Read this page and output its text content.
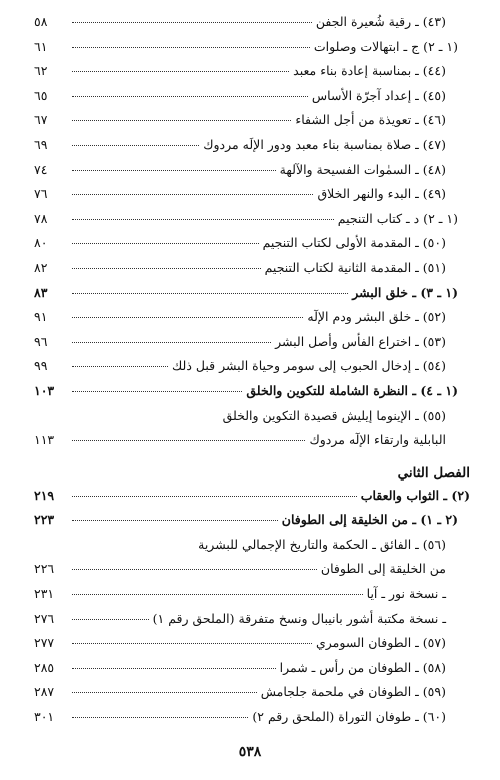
(٤٣) ـ رقية شُعيرة الجفن
٥٨
(١ ـ ٢) ج ـ ابتهالات وصلوات
٦١
(٤٤) ـ بمناسبة إعادة بناء معبد
٦٢
(٤٥) ـ إعداد آجرّة الأساس
٦٥
(٤٦) ـ تعويذة من أجل الشفاء
٦٧
(٤٧) ـ صلاة بمناسبة بناء معبد ودور الإلَه مردوك
٦٩
(٤٨) ـ السمٰوات الفسيحة والآلهة
٧٤
(٤٩) ـ البدء والنهر الخلاق
٧٦
(١ ـ ٢) د ـ كتاب التنجيم
٧٨
(٥٠) ـ المقدمة الأولى لكتاب التنجيم
٨٠
(٥١) ـ المقدمة الثانية لكتاب التنجيم
٨٢
(١ ـ ٣) ـ خلق البشر
٨٣
(٥٢) ـ خلق البشر ودم الإلٓه
٩١
(٥٣) ـ اختراع الفأس وأصل البشر
٩٦
(٥٤) ـ إدخال الحبوب إلى سومر وحياة البشر قبل ذلك
٩٩
(١ ـ ٤) ـ النظرة الشاملة للتكوين والخلق
١٠٣
(٥٥) ـ الإينوما إيليش قصيدة التكوين والخلق
البابلية وارتقاء الإلٓه مردوك
١١٣
الفصل الثاني
(٢) ـ الثواب والعقاب
٢١٩
(٢ ـ ١) ـ من الخليقة إلى الطوفان
٢٢٣
(٥٦) ـ الفائق ـ الحكمة والتاريخ الإجمالي للبشرية
من الخليقة إلى الطوفان
٢٢٦
ـ نسخة نور ـ آيا
٢٣١
ـ نسخة مكتبة أشور بانيبال ونسخ متفرقة (الملحق رقم ١)
٢٧٦
(٥٧) ـ الطوفان السومري
٢٧٧
(٥٨) ـ الطوفان من رأس ـ شمرا
٢٨٥
(٥٩) ـ الطوفان في ملحمة جلجامش
٢٨٧
(٦٠) ـ طوفان التوراة (الملحق رقم ٢)
٣٠١
٥٣٨
